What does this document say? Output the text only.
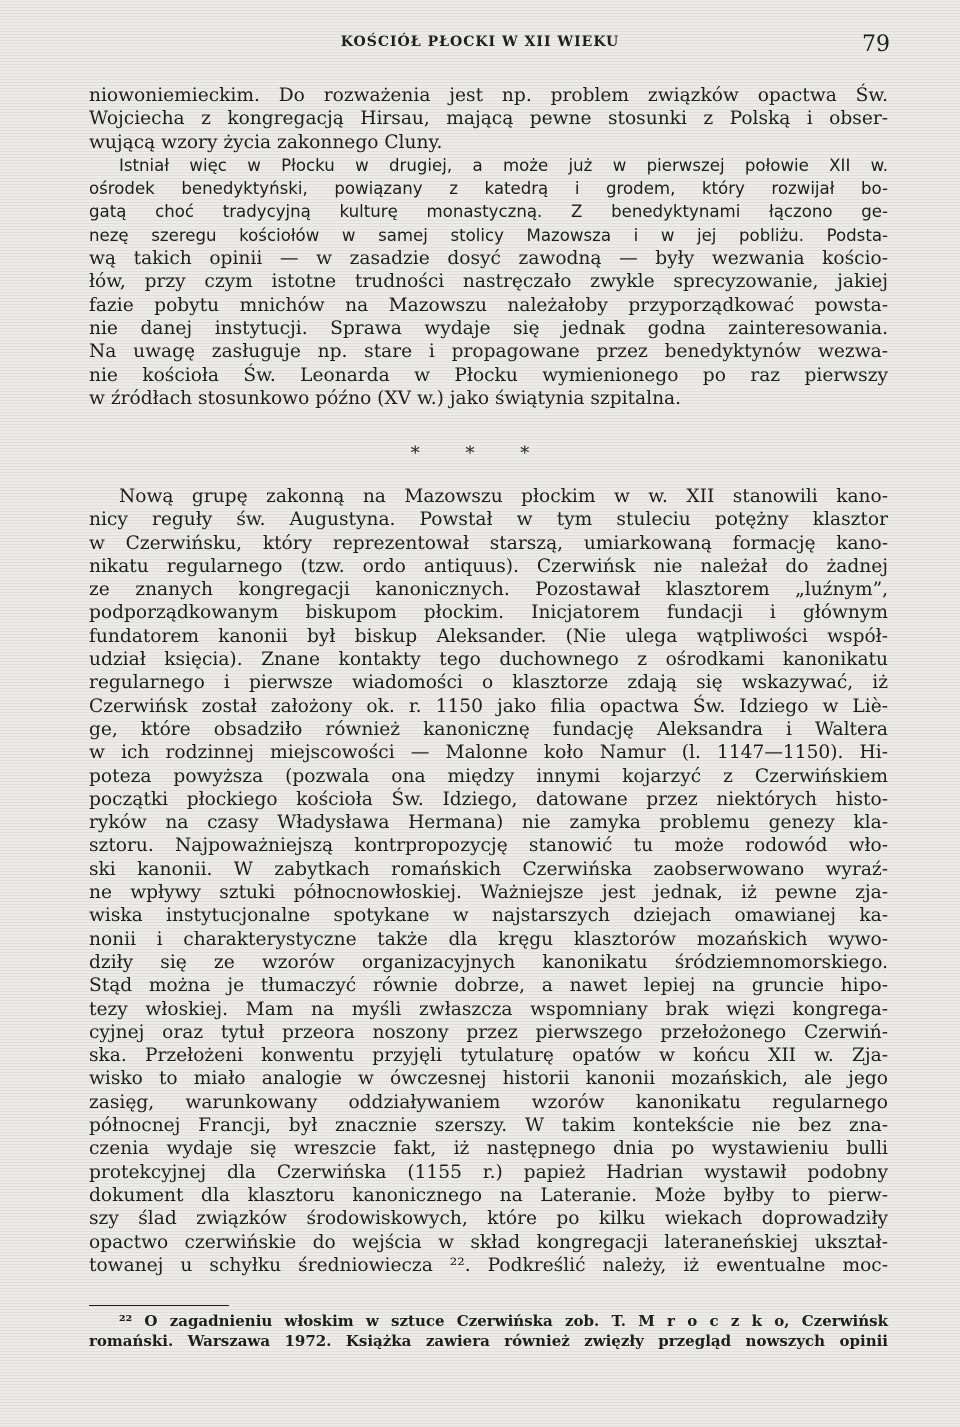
KOŚCIÓŁ PŁOCKI W XII WIEKU	79
niowoniemieckim. Do rozważenia jest np. problem związków opactwa Św.
Wojciecha z kongregacją Hirsau, mającą pewne stosunki z Polską i obser-
wującą wzory życia zakonnego Cluny.
Istniał więc w Płocku w drugiej, a może już w pierwszej połowie XII w.
ośrodek benedyktyński, powiązany z katedrą i grodem, który rozwijał bo-
gatą choć tradycyjną kulturę monastyczną. Z benedyktynami łączono ge-
nezę szeregu kościołów w samej stolicy Mazowsza i w jej pobliżu. Podsta-
wą takich opinii — w zasadzie dosyć zawodną — były wezwania kościo-
łów, przy czym istotne trudności nastręczało zwykle sprecyzowanie, jakiej
fazie pobytu mnichów na Mazowszu należałoby przyporządkować powsta-
nie danej instytucji. Sprawa wydaje się jednak godna zainteresowania.
Na uwagę zasługuje np. stare i propagowane przez benedyktynów wezwa-
nie kościoła Św. Leonarda w Płocku wymienionego po raz pierwszy
w źródłach stosunkowo późno (XV w.) jako świątynia szpitalna.
* * *
Nową grupę zakonną na Mazowszu płockim w w. XII stanowili kano-
nicy reguły św. Augustyna. Powstał w tym stuleciu potężny klasztor
w Czerwińsku, który reprezentował starszą, umiarkowaną formację kano-
nikatu regularnego (tzw. ordo antiquus). Czerwińsk nie należał do żadnej
ze znanych kongregacji kanonicznych. Pozostawał klasztorem „luźnym”,
podporządkowanym biskupom płockim. Inicjatorem fundacji i głównym
fundatorem kanonii był biskup Aleksander. (Nie ulega wątpliwości współ-
udział księcia). Znane kontakty tego duchownego z ośrodkami kanonikatu
regularnego i pierwsze wiadomości o klasztorze zdają się wskazywać, iż
Czerwińsk został założony ok. r. 1150 jako filia opactwa Św. Idziego w Liè-
ge, które obsadziło również kanonicznę fundację Aleksandra i Waltera
w ich rodzinnej miejscowości — Malonne koło Namur (l. 1147—1150). Hi-
poteza powyższa (pozwala ona między innymi kojarzyć z Czerwińskiem
początki płockiego kościoła Św. Idziego, datowane przez niektórych histo-
ryków na czasy Władysława Hermana) nie zamyka problemu genezy kla-
sztoru. Najpoważniejszą kontrpropozycję stanowić tu może rodowód wło-
ski kanonii. W zabytkach romańskich Czerwińska zaobserwowano wyraź-
ne wpływy sztuki północnowłoskiej. Ważniejsze jest jednak, iż pewne zja-
wiska instytucjonalne spotykane w najstarszych dziejach omawianej ka-
nonii i charakterystyczne także dla kręgu klasztorów mozańskich wywo-
dziły się ze wzorów organizacyjnych kanonikatu śródziemnomorskiego.
Stąd można je tłumaczyć równie dobrze, a nawet lepiej na gruncie hipo-
tezy włoskiej. Mam na myśli zwłaszcza wspomniany brak więzi kongrega-
cyjnej oraz tytuł przeora noszony przez pierwszego przełożonego Czerwiń-
ska. Przełożeni konwentu przyjęli tytulaturę opatów w końcu XII w. Zja-
wisko to miało analogie w ówczesnej historii kanonii mozańskich, ale jego
zasięg, warunkowany oddziaływaniem wzorów kanonikatu regularnego
północnej Francji, był znacznie szerszy. W takim kontekście nie bez zna-
czenia wydaje się wreszcie fakt, iż następnego dnia po wystawieniu bulli
protekcyjnej dla Czerwińska (1155 r.) papież Hadrian wystawił podobny
dokument dla klasztoru kanonicznego na Lateranie. Może byłby to pierw-
szy ślad związków środowiskowych, które po kilku wiekach doprowadziły
opactwo czerwińskie do wejścia w skład kongregacji lateraneńskiej ukształ-
towanej u schyłku średniowiecza ²². Podkreślić należy, iż ewentualne moc-
²² O zagadnieniu włoskim w sztuce Czerwińska zob. T. M r o c z k o, Czerwińsk
romański. Warszawa 1972. Książka zawiera również zwięzły przegląd nowszych opinii
